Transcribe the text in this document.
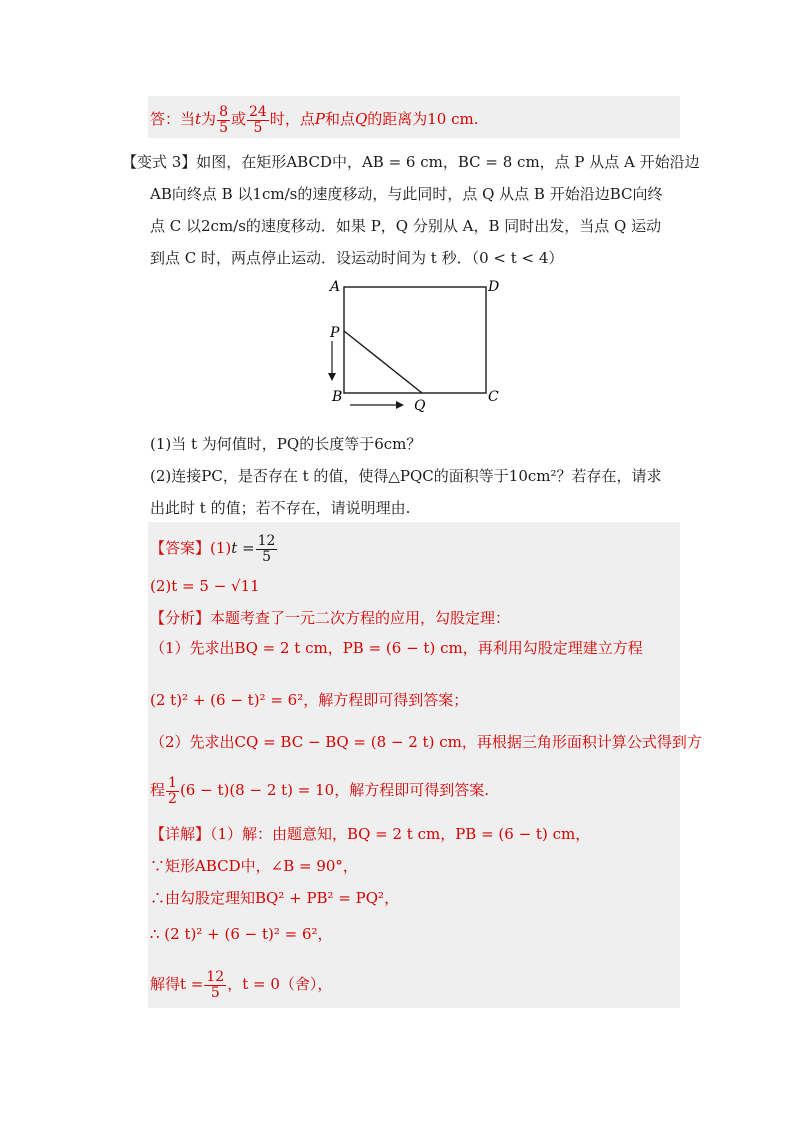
答：当t为 $\frac{8}{5}$ 或 $\frac{24}{5}$ 时，点P和点Q的距离为10 cm.
【变式 3】如图，在矩形ABCD中，AB = 6 cm，BC = 8 cm，点 P 从点 A 开始沿边
AB向终点 B 以1cm/s的速度移动，与此同时，点 Q 从点 B 开始沿边BC向终
点 C 以2cm/s的速度移动．如果 P，Q 分别从 A，B 同时出发，当点 Q 运动
到点 C 时，两点停止运动．设运动时间为 t 秒．（0 < t < 4）
A	D
P
B	C
Q
(1)当 t 为何值时，PQ的长度等于6cm？
(2)连接PC，是否存在 t 的值，使得△PQC的面积等于10cm²？若存在，请求
出此时 t 的值；若不存在，请说明理由.
【答案】$(1)t = \frac{12}{5}$
(2)t = 5 − √11
【分析】本题考查了一元二次方程的应用，勾股定理：
（1）先求出BQ = 2 t cm，PB = (6 − t) cm，再利用勾股定理建立方程
(2 t)² + (6 − t)² = 6²，解方程即可得到答案；
（2）先求出CQ = BC − BQ = (8 − 2 t) cm，再根据三角形面积计算公式得到方
程 $\frac{1}{2} (6 - t)(8 - 2$ t) = 10，解方程即可得到答案.
【详解】（1）解：由题意知，BQ = 2 t cm，PB = (6 − t) cm，
∵矩形ABCD中，∠B = 90°，
∴由勾股定理知BQ² + PB² = PQ²，
∴ (2 t)² + (6 − t)² = 6²，
解得$t = \frac{12}{5}$ ，t = 0（舍），
